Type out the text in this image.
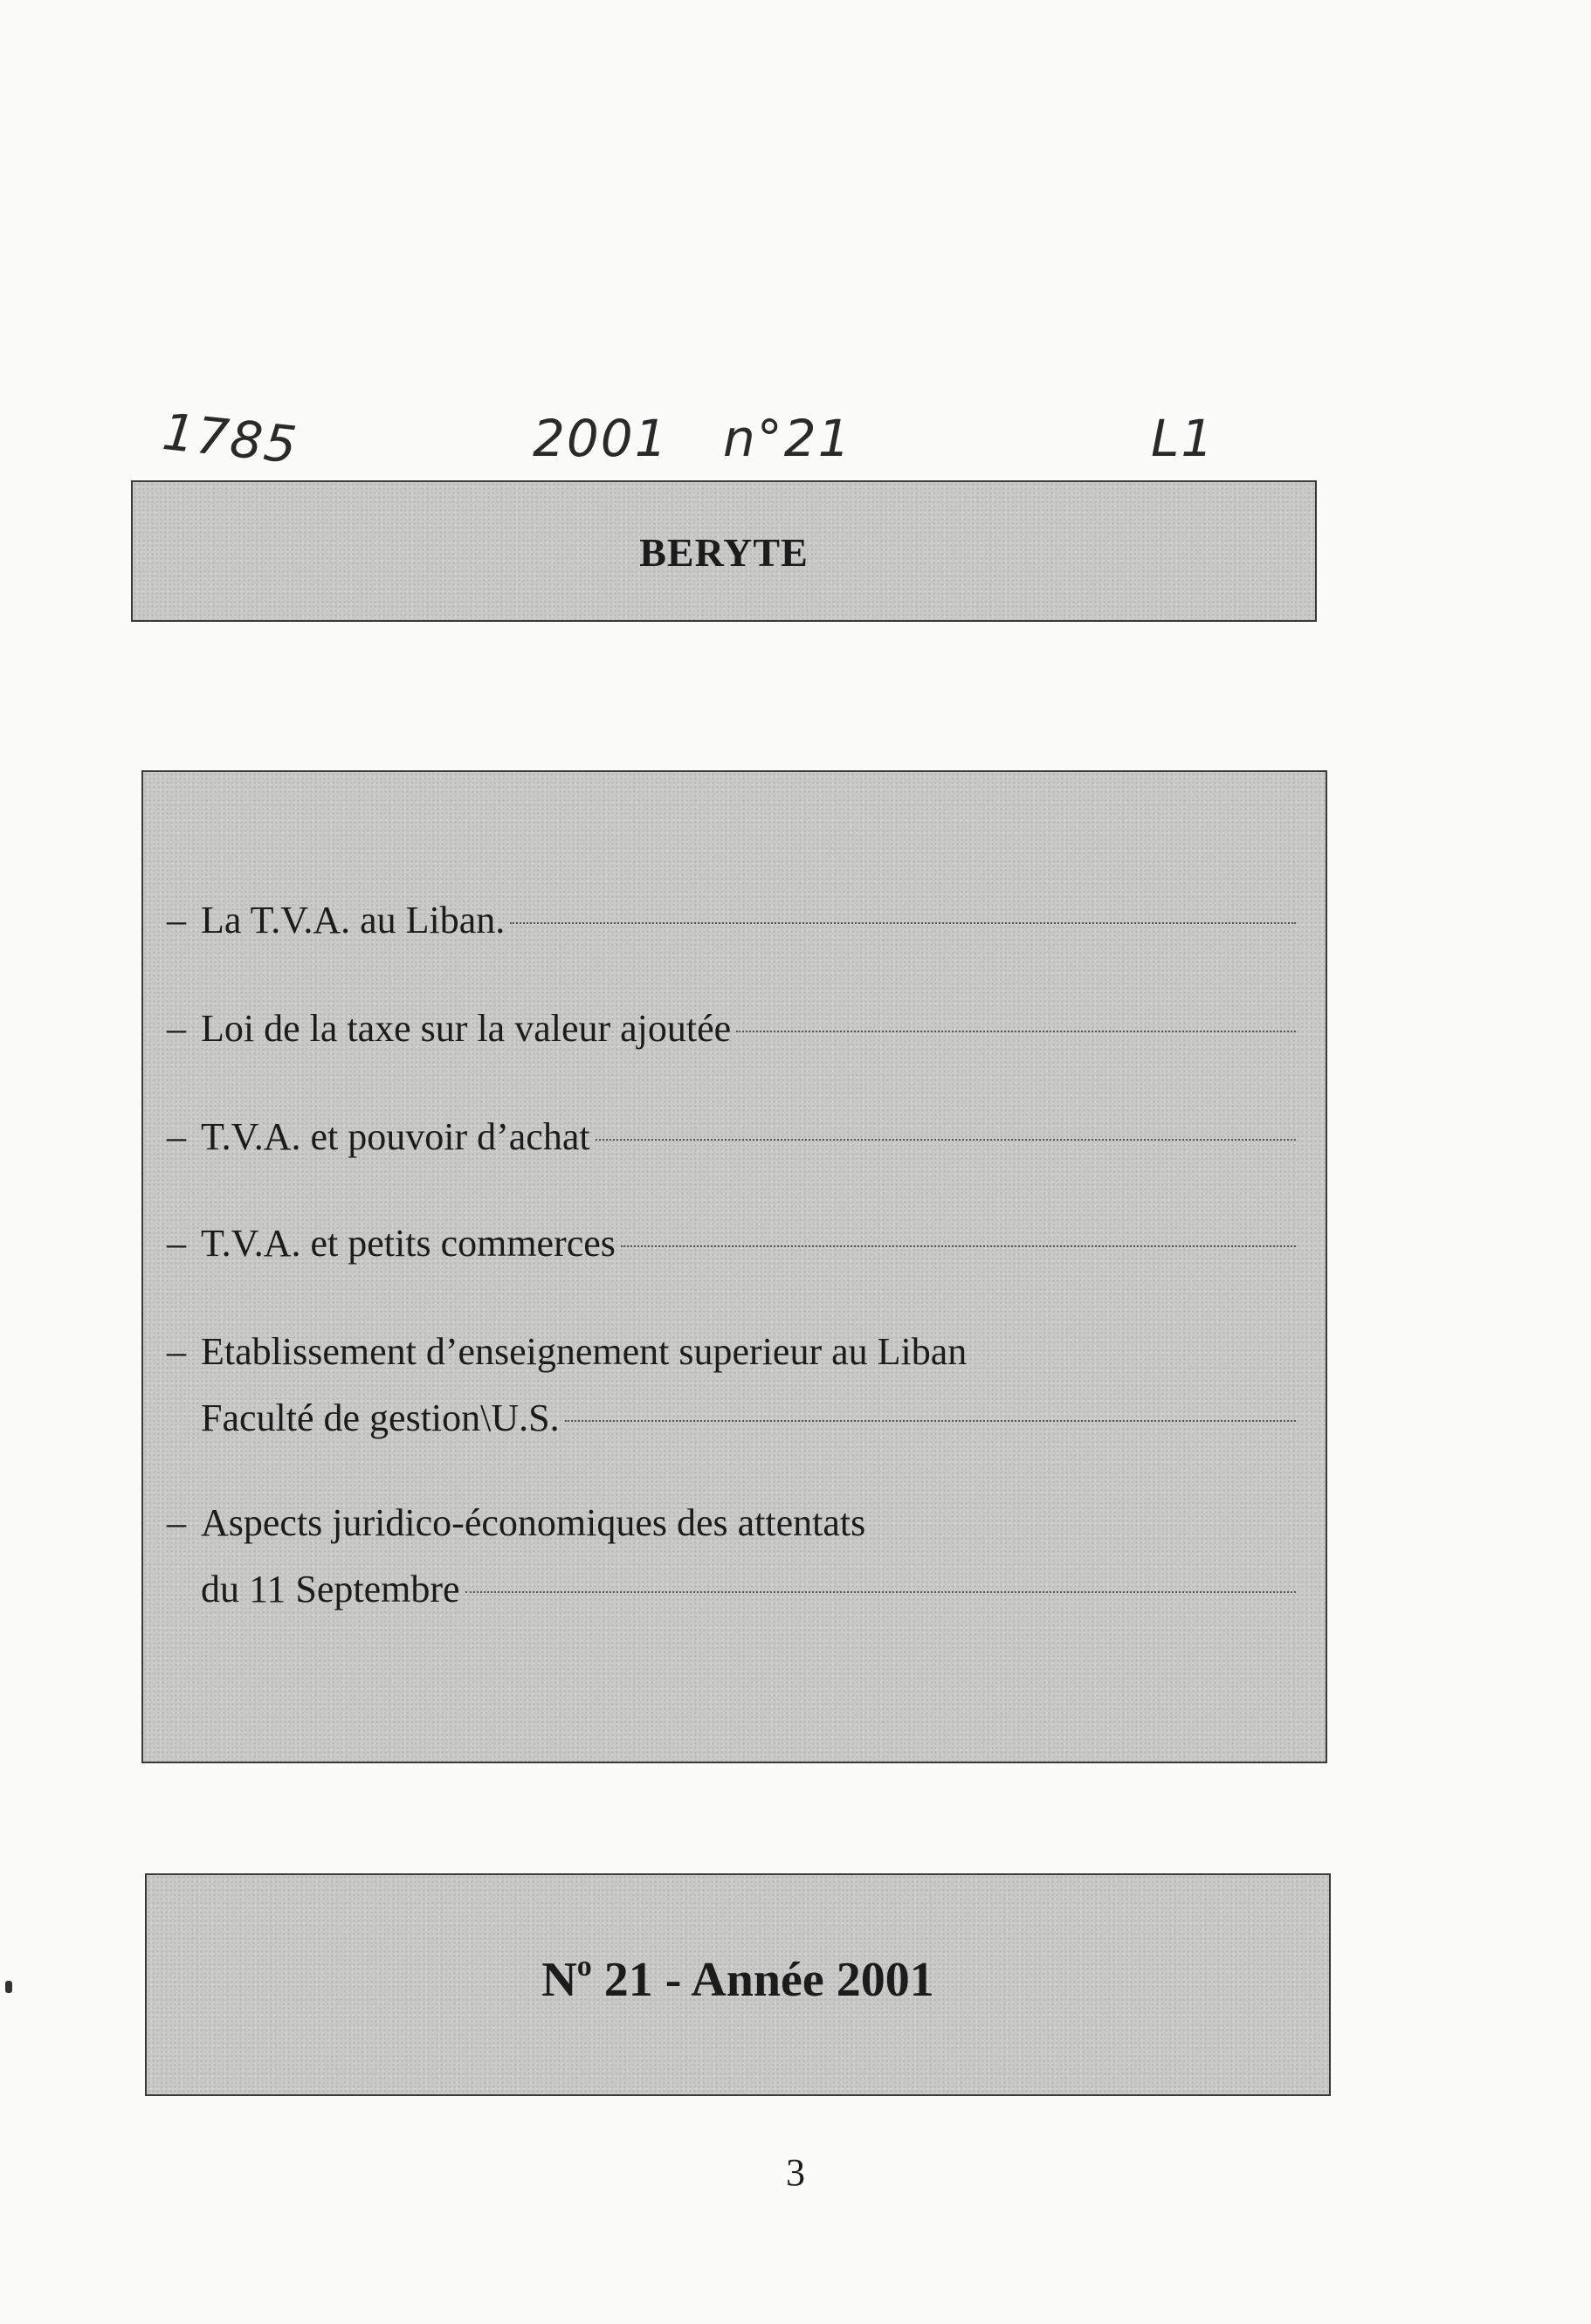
1785	2001 n°21	L1
BERYTE
– La T.V.A. au Liban.
– Loi de la taxe sur la valeur ajoutée
– T.V.A. et pouvoir d’achat
– T.V.A. et petits commerces
– Etablissement d’enseignement superieur au Liban
Faculté de gestion\U.S.
– Aspects juridico-économiques des attentats
du 11 Septembre
$N^o$ 21 - Année 2001
3
